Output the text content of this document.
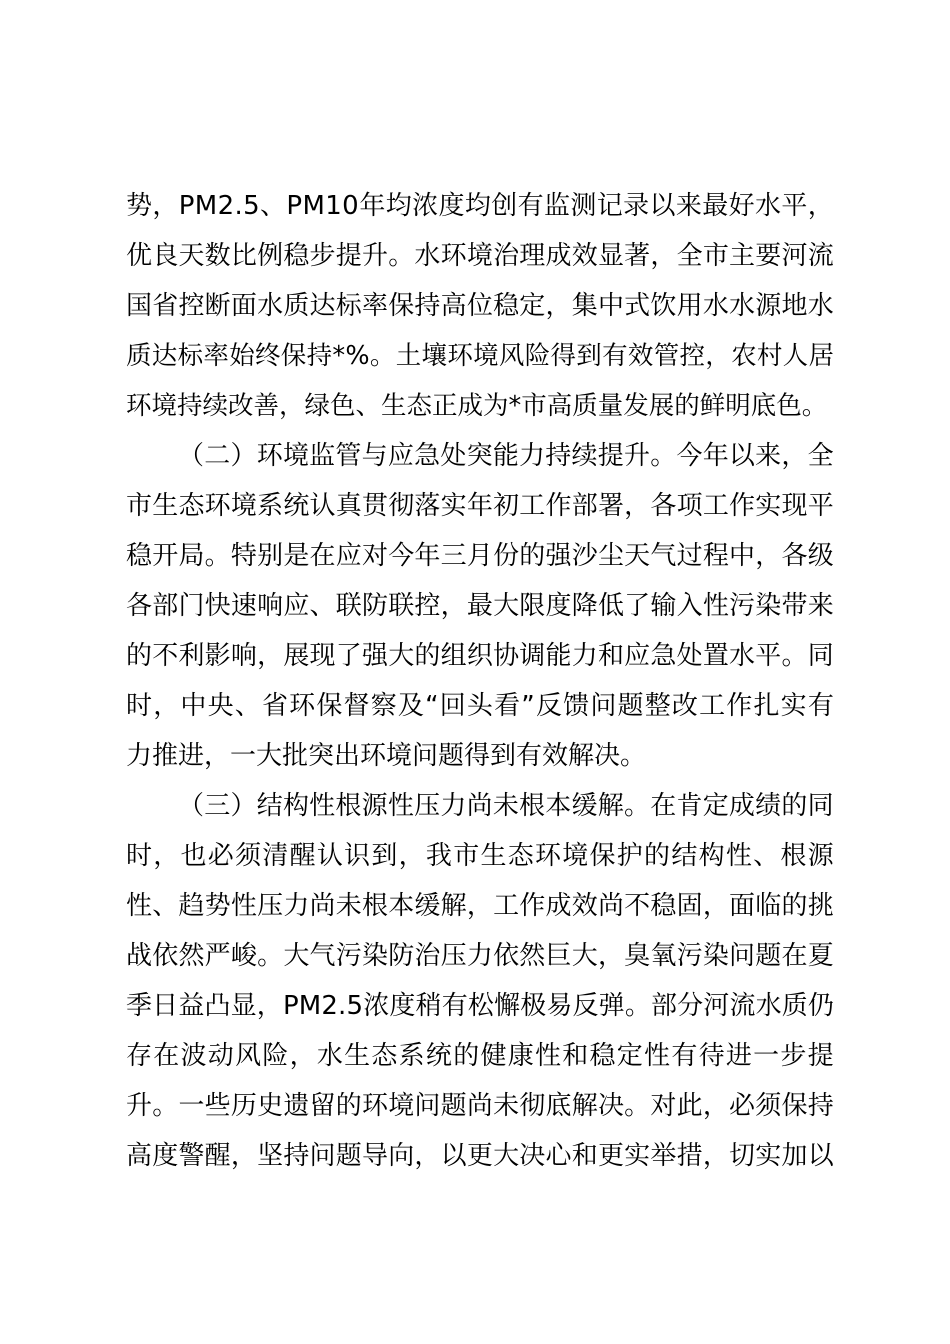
势 ， P M 2 . 5 、 P M 1 0 年 均 浓 度 均 创 有 监 测 记 录 以 来 最 好 水 平 ，
优 良 天 数 比 例 稳 步 提 升 。 水 环 境 治 理 成 效 显 著 ， 全 市 主 要 河 流
国 省 控 断 面 水 质 达 标 率 保 持 高 位 稳 定 ， 集 中 式 饮 用 水 水 源 地 水
质 达 标 率 始 终 保 持 * % 。 土 壤 环 境 风 险 得 到 有 效 管 控 ， 农 村 人 居
环境持续改善，绿色、生态正成为*市高质量发展的鲜明底色。
（ 二 ） 环 境 监 管 与 应 急 处 突 能 力 持 续 提 升 。 今 年 以 来 ， 全
市 生 态 环 境 系 统 认 真 贯 彻 落 实 年 初 工 作 部 署 ， 各 项 工 作 实 现 平
稳 开 局 。 特 别 是 在 应 对 今 年 三 月 份 的 强 沙 尘 天 气 过 程 中 ， 各 级
各 部 门 快 速 响 应 、 联 防 联 控 ， 最 大 限 度 降 低 了 输 入 性 污 染 带 来
的 不 利 影 响 ， 展 现 了 强 大 的 组 织 协 调 能 力 和 应 急 处 置 水 平 。 同
时 ， 中 央 、 省 环 保 督 察 及 “ 回 头 看 ” 反 馈 问 题 整 改 工 作 扎 实 有
力推进，一大批突出环境问题得到有效解决。
（ 三 ） 结 构 性 根 源 性 压 力 尚 未 根 本 缓 解 。 在 肯 定 成 绩 的 同
时 ， 也 必 须 清 醒 认 识 到 ， 我 市 生 态 环 境 保 护 的 结 构 性 、 根 源
性 、 趋 势 性 压 力 尚 未 根 本 缓 解 ， 工 作 成 效 尚 不 稳 固 ， 面 临 的 挑
战 依 然 严 峻 。 大 气 污 染 防 治 压 力 依 然 巨 大 ， 臭 氧 污 染 问 题 在 夏
季 日 益 凸 显 ， P M 2 . 5 浓 度 稍 有 松 懈 极 易 反 弹 。 部 分 河 流 水 质 仍
存 在 波 动 风 险 ， 水 生 态 系 统 的 健 康 性 和 稳 定 性 有 待 进 一 步 提
升 。 一 些 历 史 遗 留 的 环 境 问 题 尚 未 彻 底 解 决 。 对 此 ， 必 须 保 持
高 度 警 醒 ， 坚 持 问 题 导 向 ， 以 更 大 决 心 和 更 实 举 措 ， 切 实 加 以
